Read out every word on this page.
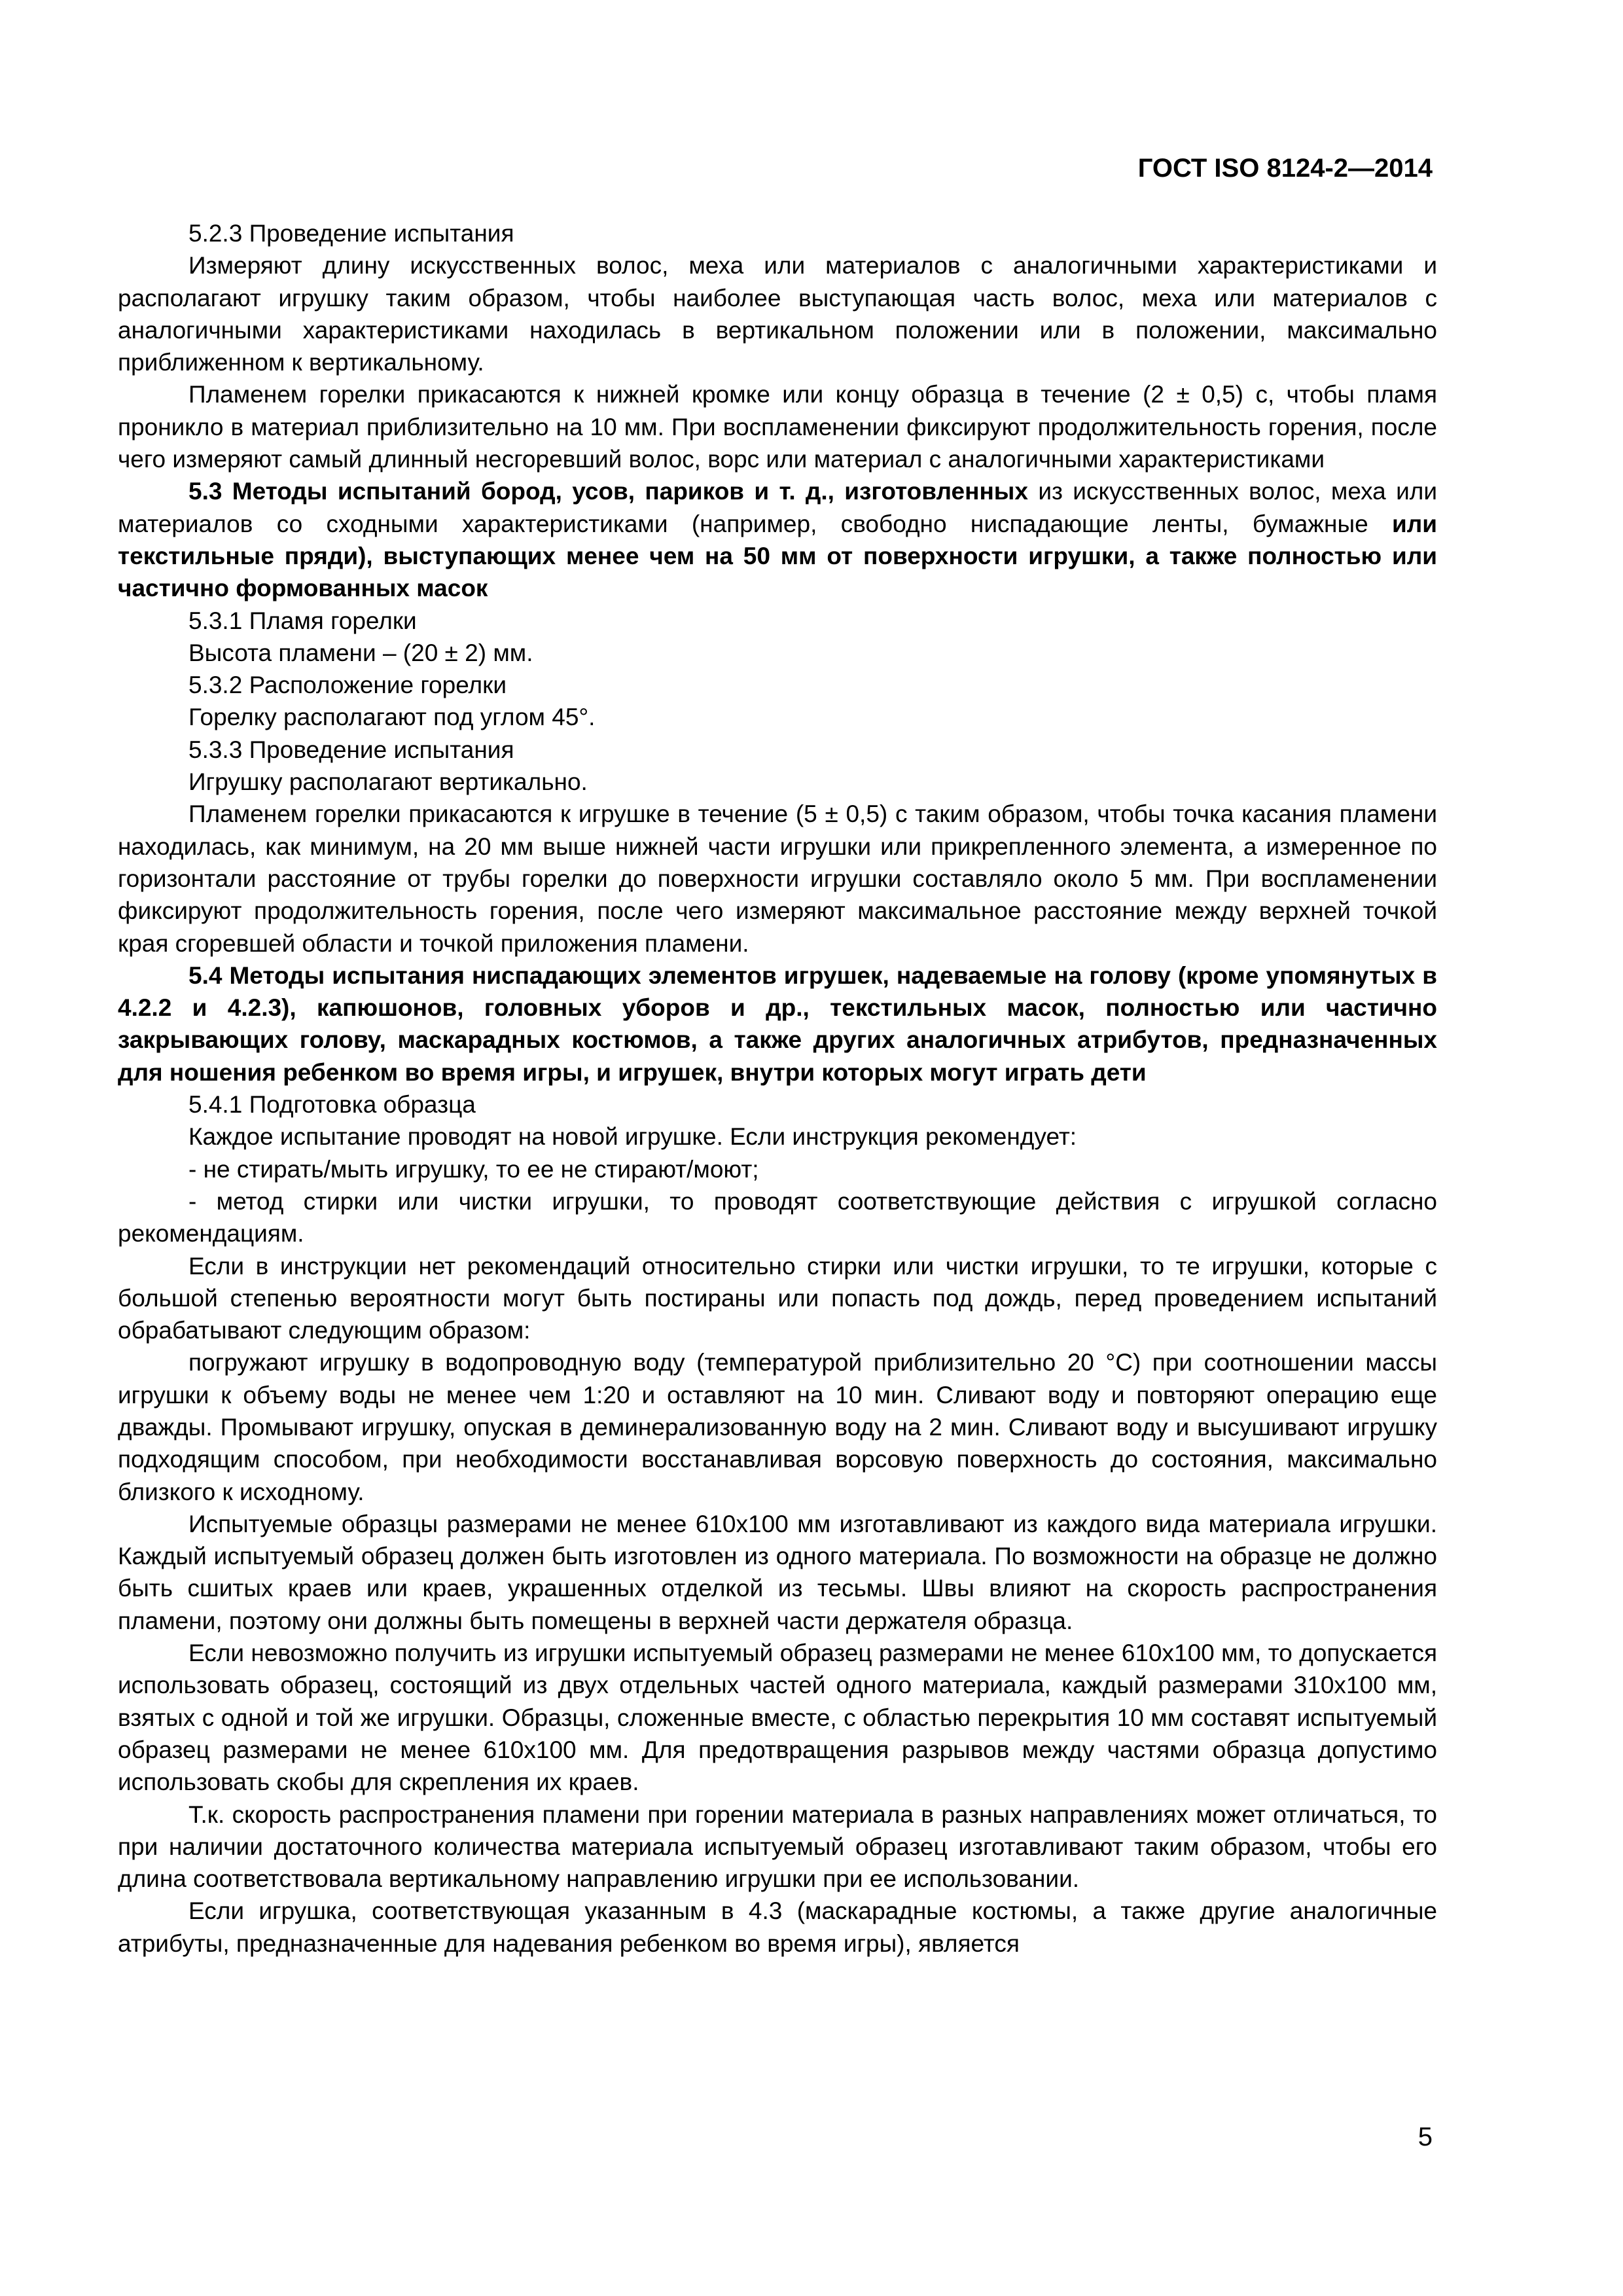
ГОСТ ISO 8124-2—2014

5.2.3 Проведение испытания

Измеряют длину искусственных волос, меха или материалов с аналогичными характеристиками и располагают игрушку таким образом, чтобы наиболее выступающая часть волос, меха или материалов с аналогичными характеристиками находилась в вертикальном положении или в положении, максимально приближенном к вертикальному.

Пламенем горелки прикасаются к нижней кромке или концу образца в течение (2 ± 0,5) с, чтобы пламя проникло в материал приблизительно на 10 мм. При воспламенении фиксируют продолжительность горения, после чего измеряют самый длинный несгоревший волос, ворс или материал с аналогичными характеристиками

5.3 Методы испытаний бород, усов, париков и т. д., изготовленных из искусственных волос, меха или материалов со сходными характеристиками (например, свободно ниспадающие ленты, бумажные или текстильные пряди), выступающих менее чем на 50 мм от поверхности игрушки, а также полностью или частично формованных масок

5.3.1 Пламя горелки

Высота пламени – (20 ± 2) мм.

5.3.2 Расположение горелки

Горелку располагают под углом 45°.

5.3.3 Проведение испытания

Игрушку располагают вертикально.

Пламенем горелки прикасаются к игрушке в течение (5 ± 0,5) с таким образом, чтобы точка касания пламени находилась, как минимум, на 20 мм выше нижней части игрушки или прикрепленного элемента, а измеренное по горизонтали расстояние от трубы горелки до поверхности игрушки составляло около 5 мм. При воспламенении фиксируют продолжительность горения, после чего измеряют максимальное расстояние между верхней точкой края сгоревшей области и точкой приложения пламени.

5.4 Методы испытания ниспадающих элементов игрушек, надеваемые на голову (кроме упомянутых в 4.2.2 и 4.2.3), капюшонов, головных уборов и др., текстильных масок, полностью или частично закрывающих голову, маскарадных костюмов, а также других аналогичных атрибутов, предназначенных для ношения ребенком во время игры, и игрушек, внутри которых могут играть дети

5.4.1 Подготовка образца

Каждое испытание проводят на новой игрушке. Если инструкция рекомендует:

- не стирать/мыть игрушку, то ее не стирают/моют;

- метод стирки или чистки игрушки, то проводят соответствующие действия с игрушкой согласно рекомендациям.

Если в инструкции нет рекомендаций относительно стирки или чистки игрушки, то те игрушки, которые с большой степенью вероятности могут быть постираны или попасть под дождь, перед проведением испытаний обрабатывают следующим образом:

погружают игрушку в водопроводную воду (температурой приблизительно 20 °С) при соотношении массы игрушки к объему воды не менее чем 1:20 и оставляют на 10 мин. Сливают воду и повторяют операцию еще дважды. Промывают игрушку, опуская в деминерализованную воду на 2 мин. Сливают воду и высушивают игрушку подходящим способом, при необходимости восстанавливая ворсовую поверхность до состояния, максимально близкого к исходному.

Испытуемые образцы размерами не менее 610х100 мм изготавливают из каждого вида материала игрушки. Каждый испытуемый образец должен быть изготовлен из одного материала. По возможности на образце не должно быть сшитых краев или краев, украшенных отделкой из тесьмы. Швы влияют на скорость распространения пламени, поэтому они должны быть помещены в верхней части держателя образца.

Если невозможно получить из игрушки испытуемый образец размерами не менее 610х100 мм, то допускается использовать образец, состоящий из двух отдельных частей одного материала, каждый размерами 310х100 мм, взятых с одной и той же игрушки. Образцы, сложенные вместе, с областью перекрытия 10 мм составят испытуемый образец размерами не менее 610х100 мм. Для предотвращения разрывов между частями образца допустимо использовать скобы для скрепления их краев.

Т.к. скорость распространения пламени при горении материала в разных направлениях может отличаться, то при наличии достаточного количества материала испытуемый образец изготавливают таким образом, чтобы его длина соответствовала вертикальному направлению игрушки при ее использовании.

Если игрушка, соответствующая указанным в 4.3 (маскарадные костюмы, а также другие аналогичные атрибуты, предназначенные для надевания ребенком во время игры), является

5
